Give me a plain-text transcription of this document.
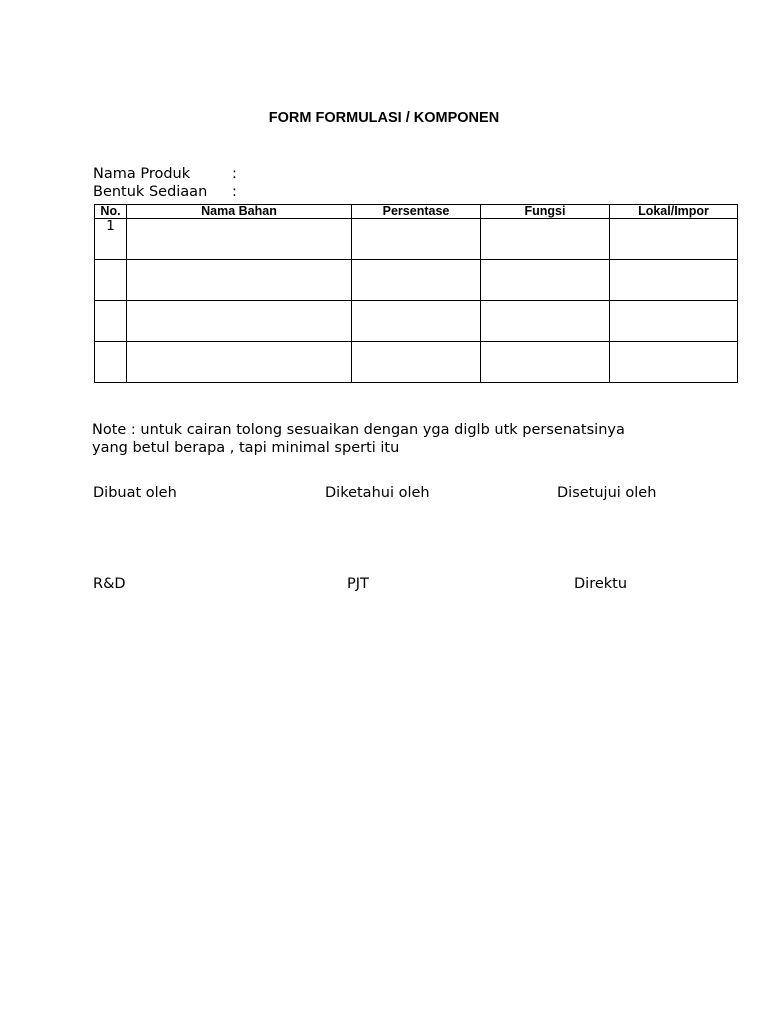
FORM FORMULASI / KOMPONEN
Nama Produk	:
Bentuk Sediaan :
No.	Nama Bahan	Persentase	Fungsi	Lokal/Impor
1				

Note : untuk cairan tolong sesuaikan dengan yga diglb utk persenatsinya
yang betul berapa , tapi minimal sperti itu
Dibuat oleh	Diketahui oleh	Disetujui oleh
R&D	PJT	Direktu
